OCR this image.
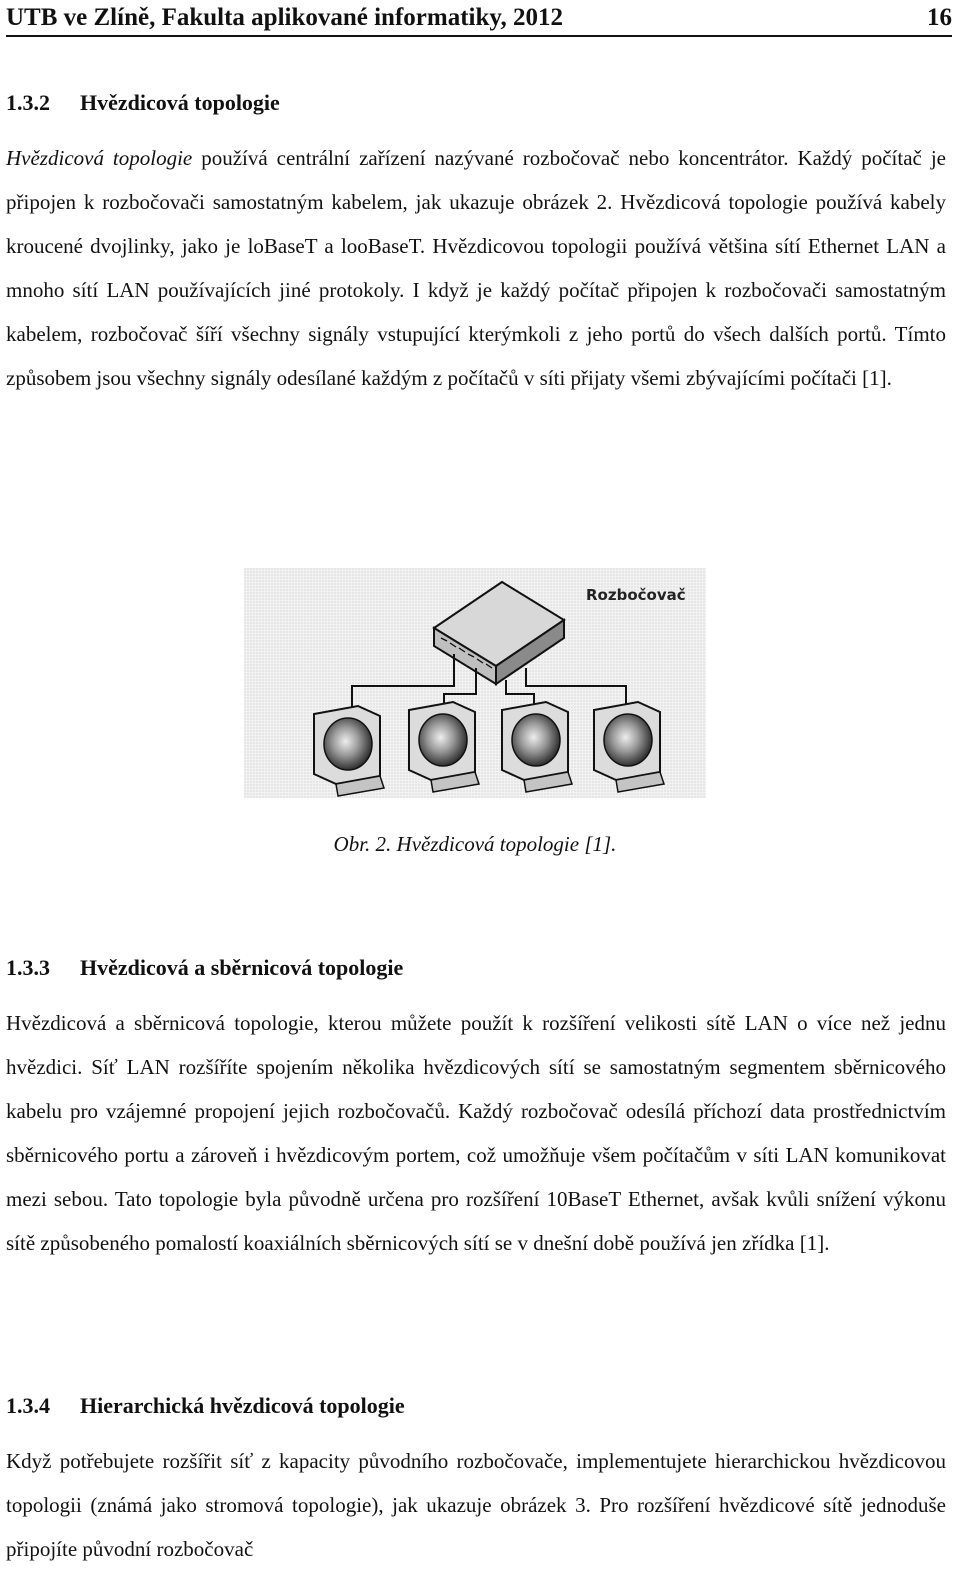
UTB ve Zlíně, Fakulta aplikované informatiky, 2012	16
1.3.2	Hvězdicová topologie

Hvězdicová topologie používá centrální zařízení nazývané rozbočovač nebo koncentrátor. Každý počítač je připojen k rozbočovači samostatným kabelem, jak ukazuje obrázek 2. Hvězdicová topologie používá kabely kroucené dvojlinky, jako je loBaseT a looBaseT. Hvězdicovou topologii používá většina sítí Ethernet LAN a mnoho sítí LAN používajících jiné protokoly. I když je každý počítač připojen k rozbočovači samostatným kabelem, rozbočovač šíří všechny signály vstupující kterýmkoli z jeho portů do všech dalších portů. Tímto způsobem jsou všechny signály odesílané každým z počítačů v síti přijaty všemi zbývajícími počítači [1].

Rozbočovač
Obr. 2. Hvězdicová topologie [1].
1.3.3	Hvězdicová a sběrnicová topologie

Hvězdicová a sběrnicová topologie, kterou můžete použít k rozšíření velikosti sítě LAN o více než jednu hvězdici. Síť LAN rozšíříte spojením několika hvězdicových sítí se samostatným segmentem sběrnicového kabelu pro vzájemné propojení jejich rozbočovačů. Každý rozbočovač odesílá příchozí data prostřednictvím sběrnicového portu a zároveň i hvězdicovým portem, což umožňuje všem počítačům v síti LAN komunikovat mezi sebou. Tato topologie byla původně určena pro rozšíření 10BaseT Ethernet, avšak kvůli snížení výkonu sítě způsobeného pomalostí koaxiálních sběrnicových sítí se v dnešní době používá jen zřídka [1].

1.3.4	Hierarchická hvězdicová topologie

Když potřebujete rozšířit síť z kapacity původního rozbočovače, implementujete hierarchickou hvězdicovou topologii (známá jako stromová topologie), jak ukazuje obrázek 3. Pro rozšíření hvězdicové sítě jednoduše připojíte původní rozbočovač
